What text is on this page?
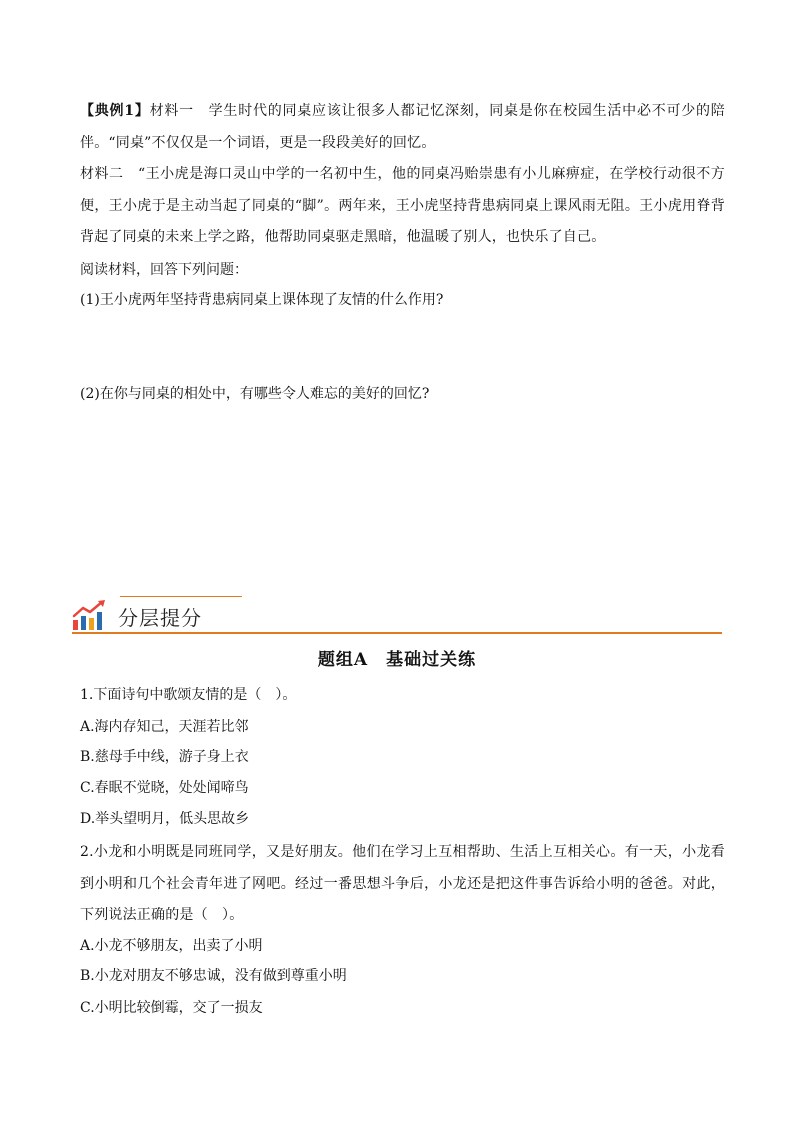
【典例1】材料一　学生时代的同桌应该让很多人都记忆深刻，同桌是你在校园生活中必不可少的陪伴。“同桌”不仅仅是一个词语，更是一段段美好的回忆。

材料二　“王小虎是海口灵山中学的一名初中生，他的同桌冯贻崇患有小儿麻痹症，在学校行动很不方便，王小虎于是主动当起了同桌的“脚”。两年来，王小虎坚持背患病同桌上课风雨无阻。王小虎用脊背背起了同桌的未来上学之路，他帮助同桌驱走黑暗，他温暖了别人，也快乐了自己。

阅读材料，回答下列问题：

(1)王小虎两年坚持背患病同桌上课体现了友情的什么作用?

(2)在你与同桌的相处中，有哪些令人难忘的美好的回忆?

分层提分

题组A　基础过关练

1.下面诗句中歌颂友情的是（　）。

A.海内存知己，天涯若比邻

B.慈母手中线，游子身上衣

C.春眠不觉晓，处处闻啼鸟

D.举头望明月，低头思故乡

2.小龙和小明既是同班同学，又是好朋友。他们在学习上互相帮助、生活上互相关心。有一天，小龙看到小明和几个社会青年进了网吧。经过一番思想斗争后，小龙还是把这件事告诉给小明的爸爸。对此，下列说法正确的是（　）。

A.小龙不够朋友，出卖了小明

B.小龙对朋友不够忠诚，没有做到尊重小明

C.小明比较倒霉，交了一损友
